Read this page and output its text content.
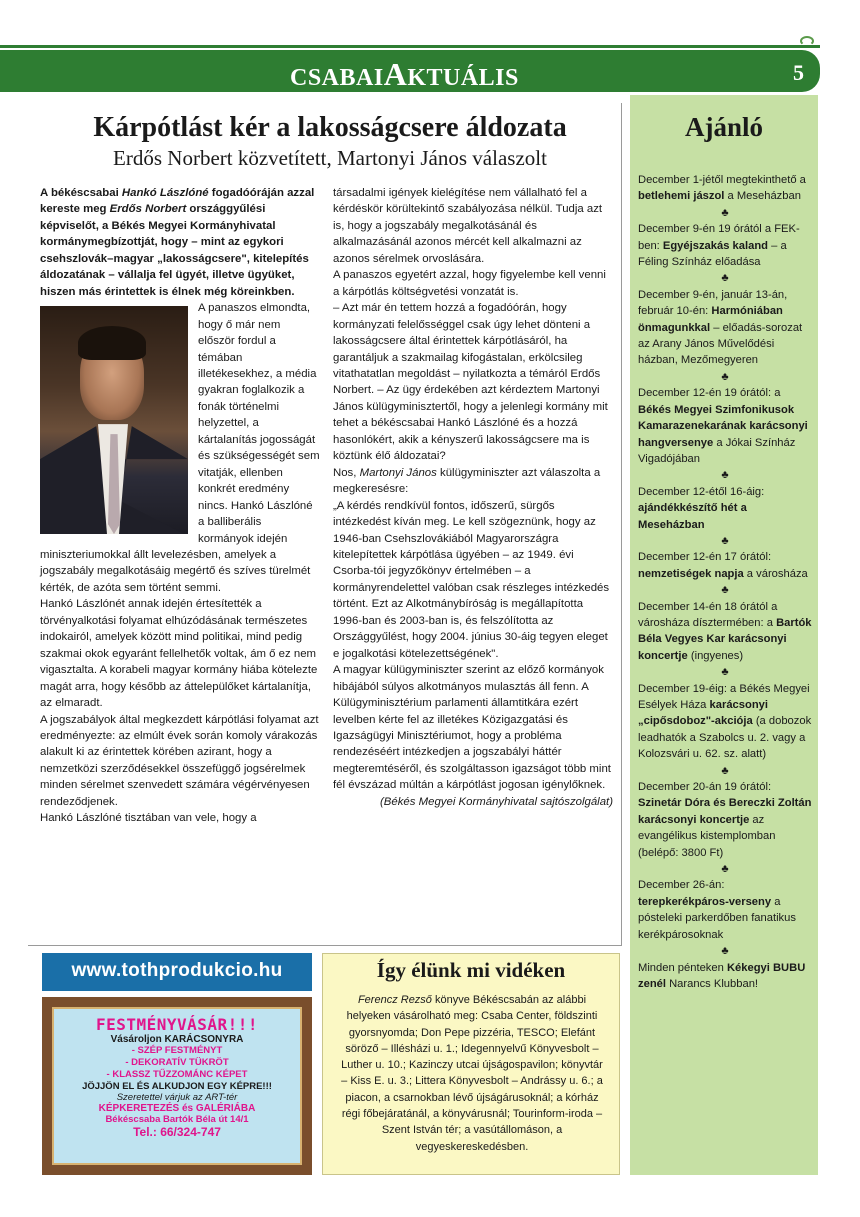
CSABAIAKTUÁLIS	5
Kárpótlást kér a lakosságcsere áldozata
Erdős Norbert közvetített, Martonyi János válaszolt

A békéscsabai Hankó Lászlóné fogadóóráján azzal kereste meg Erdős Norbert országgyűlési képviselőt, a Békés Megyei Kormányhivatal kormánymegbízottját, hogy – mint az egykori csehszlovák–magyar „lakosságcsere", kitelepítés áldozatának – vállalja fel ügyét, illetve ügyüket, hiszen más érintettek is élnek még köreinkben.

A panaszos elmondta, hogy ő már nem először fordul a témában illetékesekhez, a média gyakran foglalkozik a fonák történelmi helyzettel, a kártalanítás jogosságát és szükségességét sem vitatják, ellenben konkrét eredmény nincs. Hankó Lászlóné a balliberális kormányok idején miniszteriumokkal állt levelezésben, amelyek a jogszabály megalkotásáig megértő és szíves türelmét kérték, de azóta sem történt semmi.

Hankó Lászlónét annak idején értesítették a törvényalkotási folyamat elhúzódásának természetes indokairól, amelyek között mind politikai, mind pedig szakmai okok egyaránt fellelhetők voltak, ám ő ez nem vigasztalta. A korabeli magyar kormány hiába kötelezte magát arra, hogy később az áttelepülőket kártalanítja, az elmaradt.

A jogszabályok által megkezdett kárpótlási folyamat azt eredményezte: az elmúlt évek során komoly várakozás alakult ki az érintettek körében azirant, hogy a nemzetközi szerződésekkel összefüggő jogsérelmek minden sérelmet szenvedett számára végérvényesen rendeződjenek.

Hankó Lászlóné tisztában van vele, hogy a

társadalmi igények kielégítése nem vállalható fel a kérdéskör körültekintő szabályozása nélkül. Tudja azt is, hogy a jogszabály megalkotásánál és alkalmazásánál azonos mércét kell alkalmazni az azonos sérelmek orvoslására.

A panaszos egyetért azzal, hogy figyelembe kell venni a kárpótlás költségvetési vonzatát is.

– Azt már én tettem hozzá a fogadóórán, hogy kormányzati felelősséggel csak úgy lehet dönteni a lakosságcsere által érintettek kárpótlásáról, ha garantáljuk a szakmailag kifogástalan, erkölcsileg vitathatatlan megoldást – nyilatkozta a témáról Erdős Norbert. – Az ügy érdekében azt kérdeztem Martonyi János külügyminisztertől, hogy a jelenlegi kormány mit tehet a békéscsabai Hankó Lászlóné és a hozzá hasonlókért, akik a kényszerű lakosságcsere ma is köztünk élő áldozatai?

Nos, Martonyi János külügyminiszter azt válaszolta a megkeresésre:

„A kérdés rendkívül fontos, időszerű, sürgős intézkedést kíván meg. Le kell szögeznünk, hogy az 1946-ban Csehszlovákiából Magyarországra kitelepítettek kárpótlása ügyében – az 1949. évi Csorba-tói jegyzőkönyv értelmében – a kormányrendelettel valóban csak részleges intézkedés történt. Ezt az Alkotmánybíróság is megállapította 1996-ban és 2003-ban is, és felszólította az Országgyűlést, hogy 2004. június 30-áig tegyen eleget e jogalkotási kötelezettségének".

A magyar külügyminiszter szerint az előző kormányok hibájából súlyos alkotmányos mulasztás áll fenn. A Külügyminisztérium parlamenti államtitkára ezért levelben kérte fel az illetékes Közigazgatási és Igazságügyi Minisztériumot, hogy a probléma rendezéséért intézkedjen a jogszabályi háttér megteremtéséről, és szolgáltasson igazságot több mint fél évszázad múltán a kárpótlást jogosan igénylőknek.

(Békés Megyei Kormányhivatal sajtószolgálat)

Ajánló
December 1-jétől megtekinthető a betlehemi jászol a Meseházban
♣
December 9-én 19 órától a FEK-ben: Egyéjszakás kaland – a Féling Színház előadása
♣
December 9-én, január 13-án, február 10-én: Harmóniában önmagunkkal – előadás-sorozat az Arany János Művelődési házban, Mezőmegyeren
♣
December 12-én 19 órától: a Békés Megyei Szimfonikusok Kamarazenekarának karácsonyi hangversenye a Jókai Színház Vigadójában
♣
December 12-étől 16-áig: ajándékkészítő hét a Meseházban
♣
December 12-én 17 órától: nemzetiségek napja a városháza
♣
December 14-én 18 órától a városháza dísztermében: a Bartók Béla Vegyes Kar karácsonyi koncertje (ingyenes)
♣
December 19-éig: a Békés Megyei Esélyek Háza karácsonyi „cipősdoboz"-akciója (a dobozok leadhatók a Szabolcs u. 2. vagy a Kolozsvári u. 62. sz. alatt)
♣
December 20-án 19 órától: Szinetár Dóra és Bereczki Zoltán karácsonyi koncertje az evangélikus kistemplomban (belépő: 3800 Ft)
♣
December 26-án: terepkerékpáros-verseny a pósteleki parkerdőben fanatikus kerékpárosoknak
♣
Minden pénteken Kékegyi BUBU zenél Narancs Klubban!
www.tothprodukcio.hu
FESTMÉNYVÁSÁR!!!
Vásároljon KARÁCSONYRA
- SZÉP FESTMÉNYT
- DEKORATÍV TÜKRÖT
- KLASSZ TŰZZOMÁNC KÉPET
JÖJJÖN EL ÉS ALKUDJON EGY KÉPRE!!!
Szeretettel várjuk az ART-tér
KÉPKERETEZÉS és GALÉRIÁBA
Békéscsaba Bartók Béla út 14/1
Tel.: 66/324-747
Így élünk mi vidéken
Ferencz Rezső könyve Békéscsabán az alábbi helyeken vásárolható meg: Csaba Center, földszinti gyorsnyomda; Don Pepe pizzéria, TESCO; Elefánt söröző – Illésházi u. 1.; Idegennyelvű Könyvesbolt – Luther u. 10.; Kazinczy utcai újságospavilon; könyvtár – Kiss E. u. 3.; Littera Könyvesbolt – Andrássy u. 6.; a piacon, a csarnokban lévő újságárusoknál; a kórház régi főbejáratánál, a könyvárusnál; Tourinform-iroda – Szent István tér; a vasútállomáson, a vegyeskereskedésben.
